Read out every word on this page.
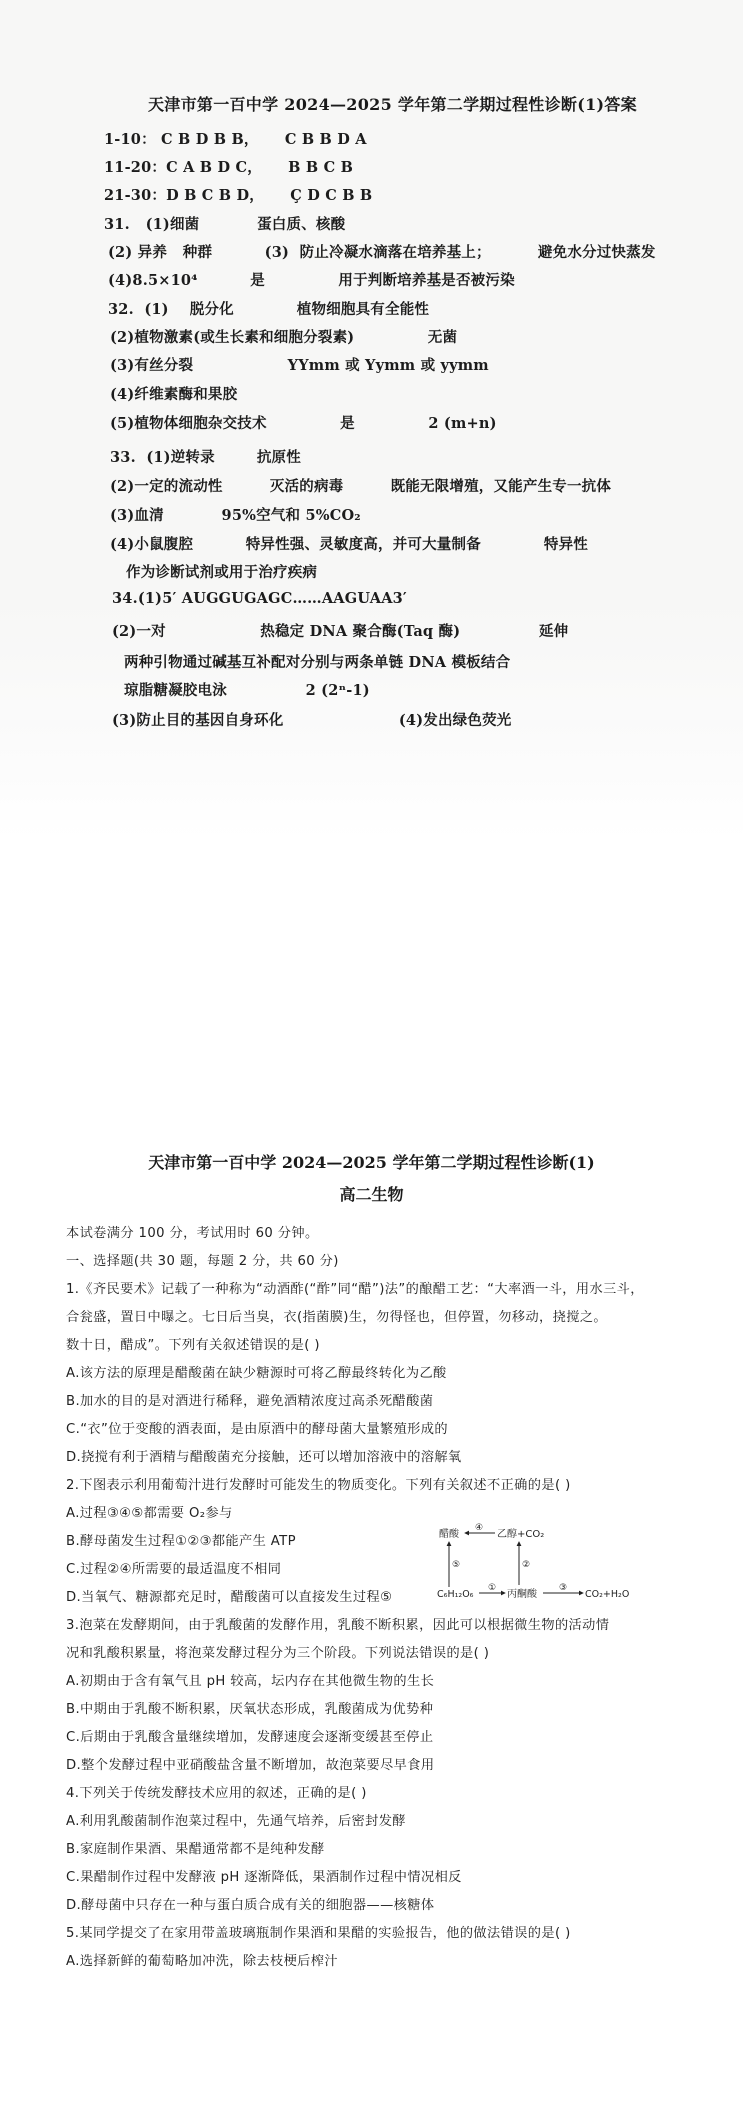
天津市第一百中学 2024—2025 学年第二学期过程性诊断(1)答案
1-10： C B D B B，     C B B D A
11-20：C A B D C，     B B C B
21-30：D B C B D，     Ç D C B B
31.   (1)细菌           蛋白质、核酸
(2) 异养   种群          (3)  防止冷凝水滴落在培养基上；         避免水分过快蒸发
(4)8.5×10⁴          是              用于判断培养基是否被污染
32.  (1)    脱分化            植物细胞具有全能性
(2)植物激素(或生长素和细胞分裂素)              无菌
(3)有丝分裂                  YYmm 或 Yymm 或 yymm
(4)纤维素酶和果胶
(5)植物体细胞杂交技术              是              2 (m+n)
33.  (1)逆转录        抗原性
(2)一定的流动性         灭活的病毒         既能无限增殖，又能产生专一抗体
(3)血清           95%空气和 5%CO₂
(4)小鼠腹腔          特异性强、灵敏度高，并可大量制备            特异性
作为诊断试剂或用于治疗疾病
34.(1)5′ AUGGUGAGC……AAGUAA3′
(2)一对                  热稳定 DNA 聚合酶(Taq 酶)               延伸
两种引物通过碱基互补配对分别与两条单链 DNA 模板结合
琼脂糖凝胶电泳               2 (2ⁿ-1)
(3)防止目的基因自身环化                      (4)发出绿色荧光
天津市第一百中学 2024—2025 学年第二学期过程性诊断(1)
高二生物
本试卷满分 100 分，考试用时 60 分钟。
一、选择题(共 30 题，每题 2 分，共 60 分)
1.《齐民要术》记载了一种称为“动酒酢(“酢”同“醋”)法”的酿醋工艺：“大率酒一斗，用水三斗，
合瓮盛，置日中曝之。七日后当臭，衣(指菌膜)生，勿得怪也，但停置，勿移动，挠搅之。
数十日，醋成”。下列有关叙述错误的是( )
A.该方法的原理是醋酸菌在缺少糖源时可将乙醇最终转化为乙酸
B.加水的目的是对酒进行稀释，避免酒精浓度过高杀死醋酸菌
C.“衣”位于变酸的酒表面，是由原酒中的酵母菌大量繁殖形成的
D.挠搅有利于酒精与醋酸菌充分接触，还可以增加溶液中的溶解氧
2.下图表示利用葡萄汁进行发酵时可能发生的物质变化。下列有关叙述不正确的是( )
A.过程③④⑤都需要 O₂参与
B.酵母菌发生过程①②③都能产生 ATP
C.过程②④所需要的最适温度不相同
D.当氧气、糖源都充足时，醋酸菌可以直接发生过程⑤
3.泡菜在发酵期间，由于乳酸菌的发酵作用，乳酸不断积累，因此可以根据微生物的活动情
况和乳酸积累量，将泡菜发酵过程分为三个阶段。下列说法错误的是( )
A.初期由于含有氧气且 pH 较高，坛内存在其他微生物的生长
B.中期由于乳酸不断积累，厌氧状态形成，乳酸菌成为优势种
C.后期由于乳酸含量继续增加，发酵速度会逐渐变缓甚至停止
D.整个发酵过程中亚硝酸盐含量不断增加，故泡菜要尽早食用
4.下列关于传统发酵技术应用的叙述，正确的是( )
A.利用乳酸菌制作泡菜过程中，先通气培养，后密封发酵
B.家庭制作果酒、果醋通常都不是纯种发酵
C.果醋制作过程中发酵液 pH 逐渐降低，果酒制作过程中情况相反
D.酵母菌中只存在一种与蛋白质合成有关的细胞器——核糖体
5.某同学提交了在家用带盖玻璃瓶制作果酒和果醋的实验报告，他的做法错误的是( )
A.选择新鲜的葡萄略加冲洗，除去枝梗后榨汁
醋酸
④
乙醇+CO₂
⑤	②
C₆H₁₂O₆
①
丙酮酸
③
CO₂+H₂O
